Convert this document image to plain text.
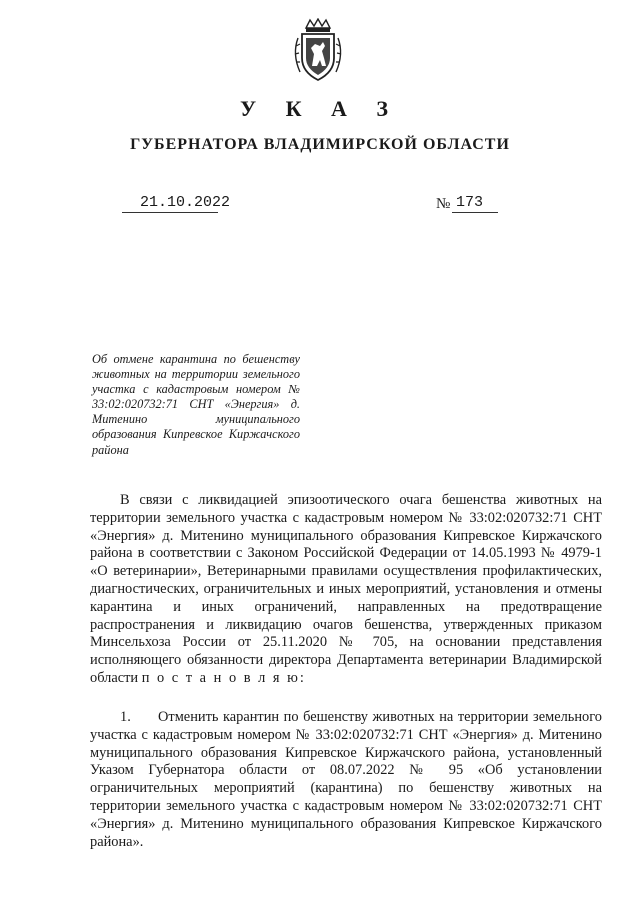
У К А З
ГУБЕРНАТОРА ВЛАДИМИРСКОЙ ОБЛАСТИ
21.10.2022	№ 173
Об отмене карантина по бешенству животных на территории земельного участка с кадастровым номером № 33:02:020732:71 СНТ «Энергия» д. Митенино муниципального образования Кипревское Киржачского района
В связи с ликвидацией эпизоотического очага бешенства животных на территории земельного участка с кадастровым номером № 33:02:020732:71 СНТ «Энергия» д. Митенино муниципального образования Кипревское Киржачского района в соответствии с Законом Российской Федерации от 14.05.1993 № 4979-1 «О ветеринарии», Ветеринарными правилами осуществления профилактических, диагностических, ограничительных и иных мероприятий, установления и отмены карантина и иных ограничений, направленных на предотвращение распространения и ликвидацию очагов бешенства, утвержденных приказом Минсельхоза России от 25.11.2020 № 705, на основании представления исполняющего обязанности директора Департамента ветеринарии Владимирской области п о с т а н о в л я ю:
1. Отменить карантин по бешенству животных на территории земельного участка с кадастровым номером № 33:02:020732:71 СНТ «Энергия» д. Митенино муниципального образования Кипревское Киржачского района, установленный Указом Губернатора области от 08.07.2022 № 95 «Об установлении ограничительных мероприятий (карантина) по бешенству животных на территории земельного участка с кадастровым номером № 33:02:020732:71 СНТ «Энергия» д. Митенино муниципального образования Кипревское Киржачского района».
